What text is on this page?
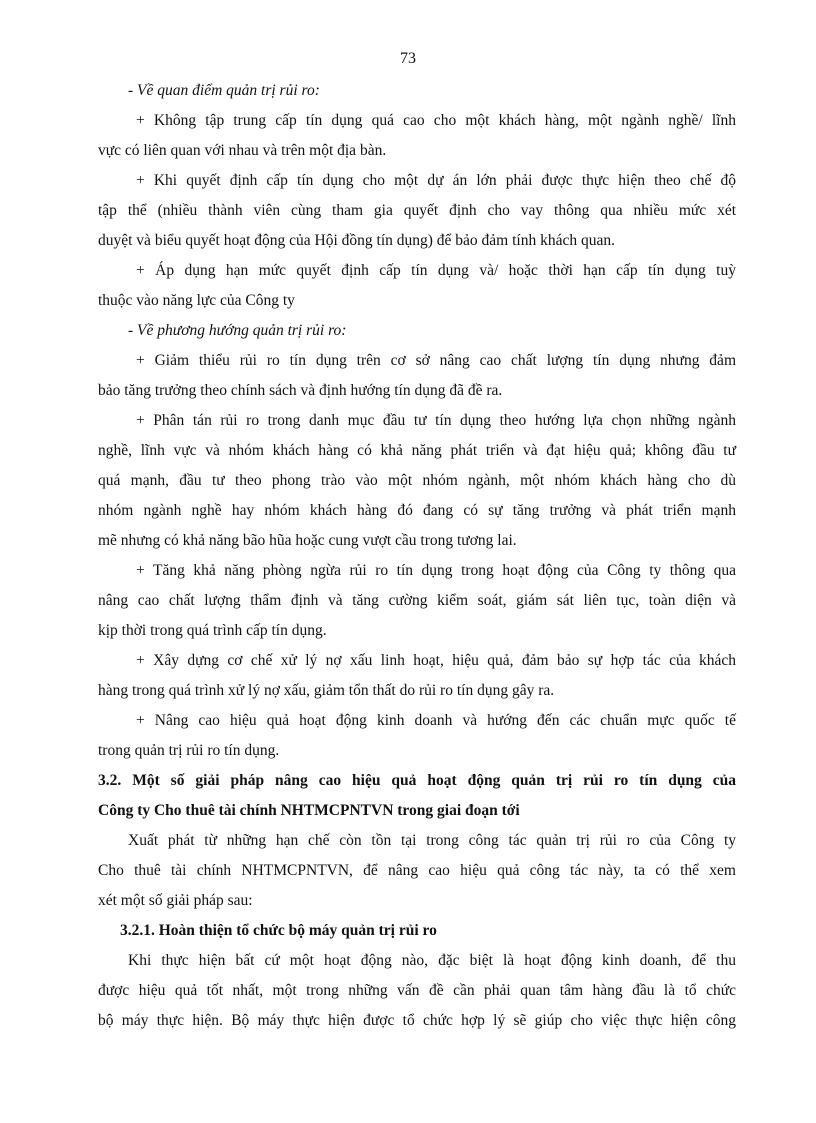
73
- Về quan điểm quản trị rủi ro:
+ Không tập trung cấp tín dụng quá cao cho một khách hàng, một ngành nghề/ lĩnh
vực có liên quan với nhau và trên một địa bàn.
+ Khi quyết định cấp tín dụng cho một dự án lớn phải được thực hiện theo chế độ
tập thể (nhiều thành viên cùng tham gia quyết định cho vay thông qua nhiều mức xét
duyệt và biểu quyết hoạt động của Hội đồng tín dụng) để bảo đảm tính khách quan.
+ Áp dụng hạn mức quyết định cấp tín dụng và/ hoặc thời hạn cấp tín dụng tuỳ
thuộc vào năng lực của Công ty
- Về phương hướng quản trị rủi ro:
+ Giảm thiểu rủi ro tín dụng trên cơ sở nâng cao chất lượng tín dụng nhưng đảm
bảo tăng trưởng theo chính sách và định hướng tín dụng đã đề ra.
+ Phân tán rủi ro trong danh mục đầu tư tín dụng theo hướng lựa chọn những ngành
nghề, lĩnh vực và nhóm khách hàng có khả năng phát triển và đạt hiệu quả; không đầu tư
quá mạnh, đầu tư theo phong trào vào một nhóm ngành, một nhóm khách hàng cho dù
nhóm ngành nghề hay nhóm khách hàng đó đang có sự tăng trưởng và phát triển mạnh
mẽ nhưng có khả năng bão hũa hoặc cung vượt cầu trong tương lai.
+ Tăng khả năng phòng ngừa rủi ro tín dụng trong hoạt động của Công ty thông qua
nâng cao chất lượng thẩm định và tăng cường kiểm soát, giám sát liên tục, toàn diện và
kịp thời trong quá trình cấp tín dụng.
+ Xây dựng cơ chế xử lý nợ xấu linh hoạt, hiệu quả, đảm bảo sự hợp tác của khách
hàng trong quá trình xử lý nợ xấu, giảm tổn thất do rủi ro tín dụng gây ra.
+ Nâng cao hiệu quả hoạt động kinh doanh và hướng đến các chuẩn mực quốc tế
trong quản trị rủi ro tín dụng.
3.2. Một số giải pháp nâng cao hiệu quả hoạt động quản trị rủi ro tín dụng của
Công ty Cho thuê tài chính NHTMCPNTVN trong giai đoạn tới
Xuất phát từ những hạn chế còn tồn tại trong công tác quản trị rủi ro của Công ty
Cho thuê tài chính NHTMCPNTVN, để nâng cao hiệu quả công tác này, ta có thể xem
xét một số giải pháp sau:
3.2.1. Hoàn thiện tổ chức bộ máy quản trị rủi ro
Khi thực hiện bất cứ một hoạt động nào, đặc biệt là hoạt động kinh doanh, để thu
được hiệu quả tốt nhất, một trong những vấn đề cần phải quan tâm hàng đầu là tổ chức
bộ máy thực hiện. Bộ máy thực hiện được tổ chức hợp lý sẽ giúp cho việc thực hiện công
